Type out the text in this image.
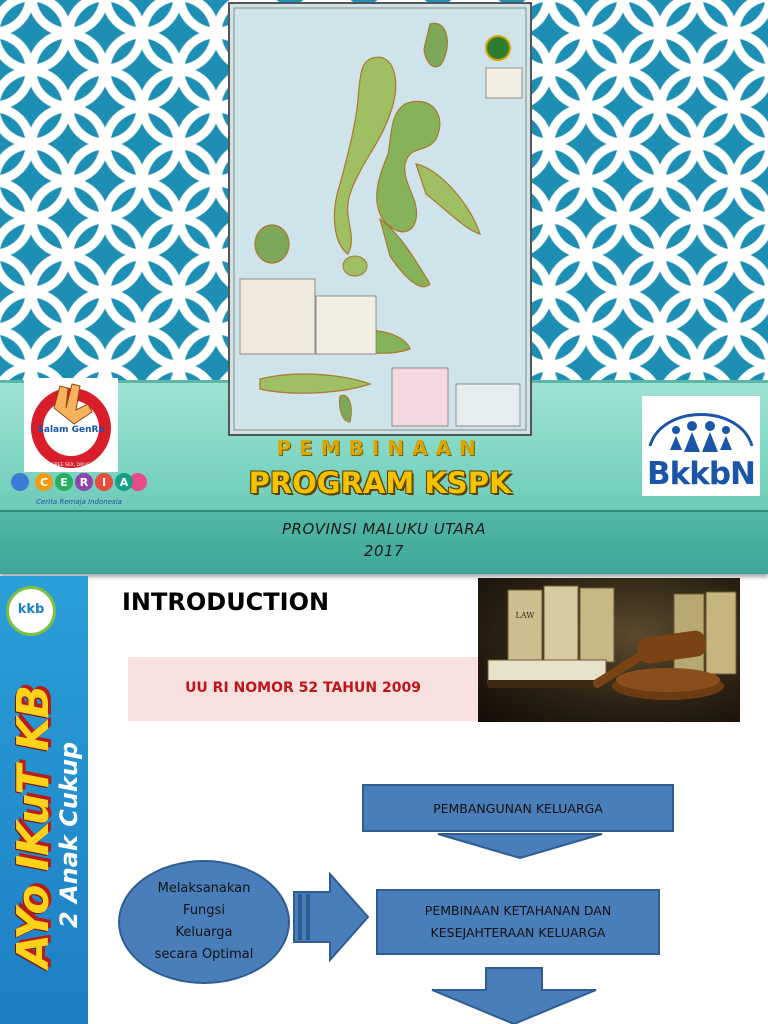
Salam GenRe
SAY NO TO FREE SEX, DRUGS, HIV/AIDS
C E R I A
Cerita Remaja Indonesia
BkkbN
PEMBINAAN
PROGRAM KSPK
PROVINSI MALUKU UTARA
2017
kkb
AYo IKuT KB
2 Anak Cukup
INTRODUCTION
UU RI NOMOR 52 TAHUN 2009
LAW
PEMBANGUNAN KELUARGA
PEMBINAAN KETAHANAN DAN
KESEJAHTERAAN KELUARGA
Melaksanakan
Fungsi
Keluarga
secara Optimal
